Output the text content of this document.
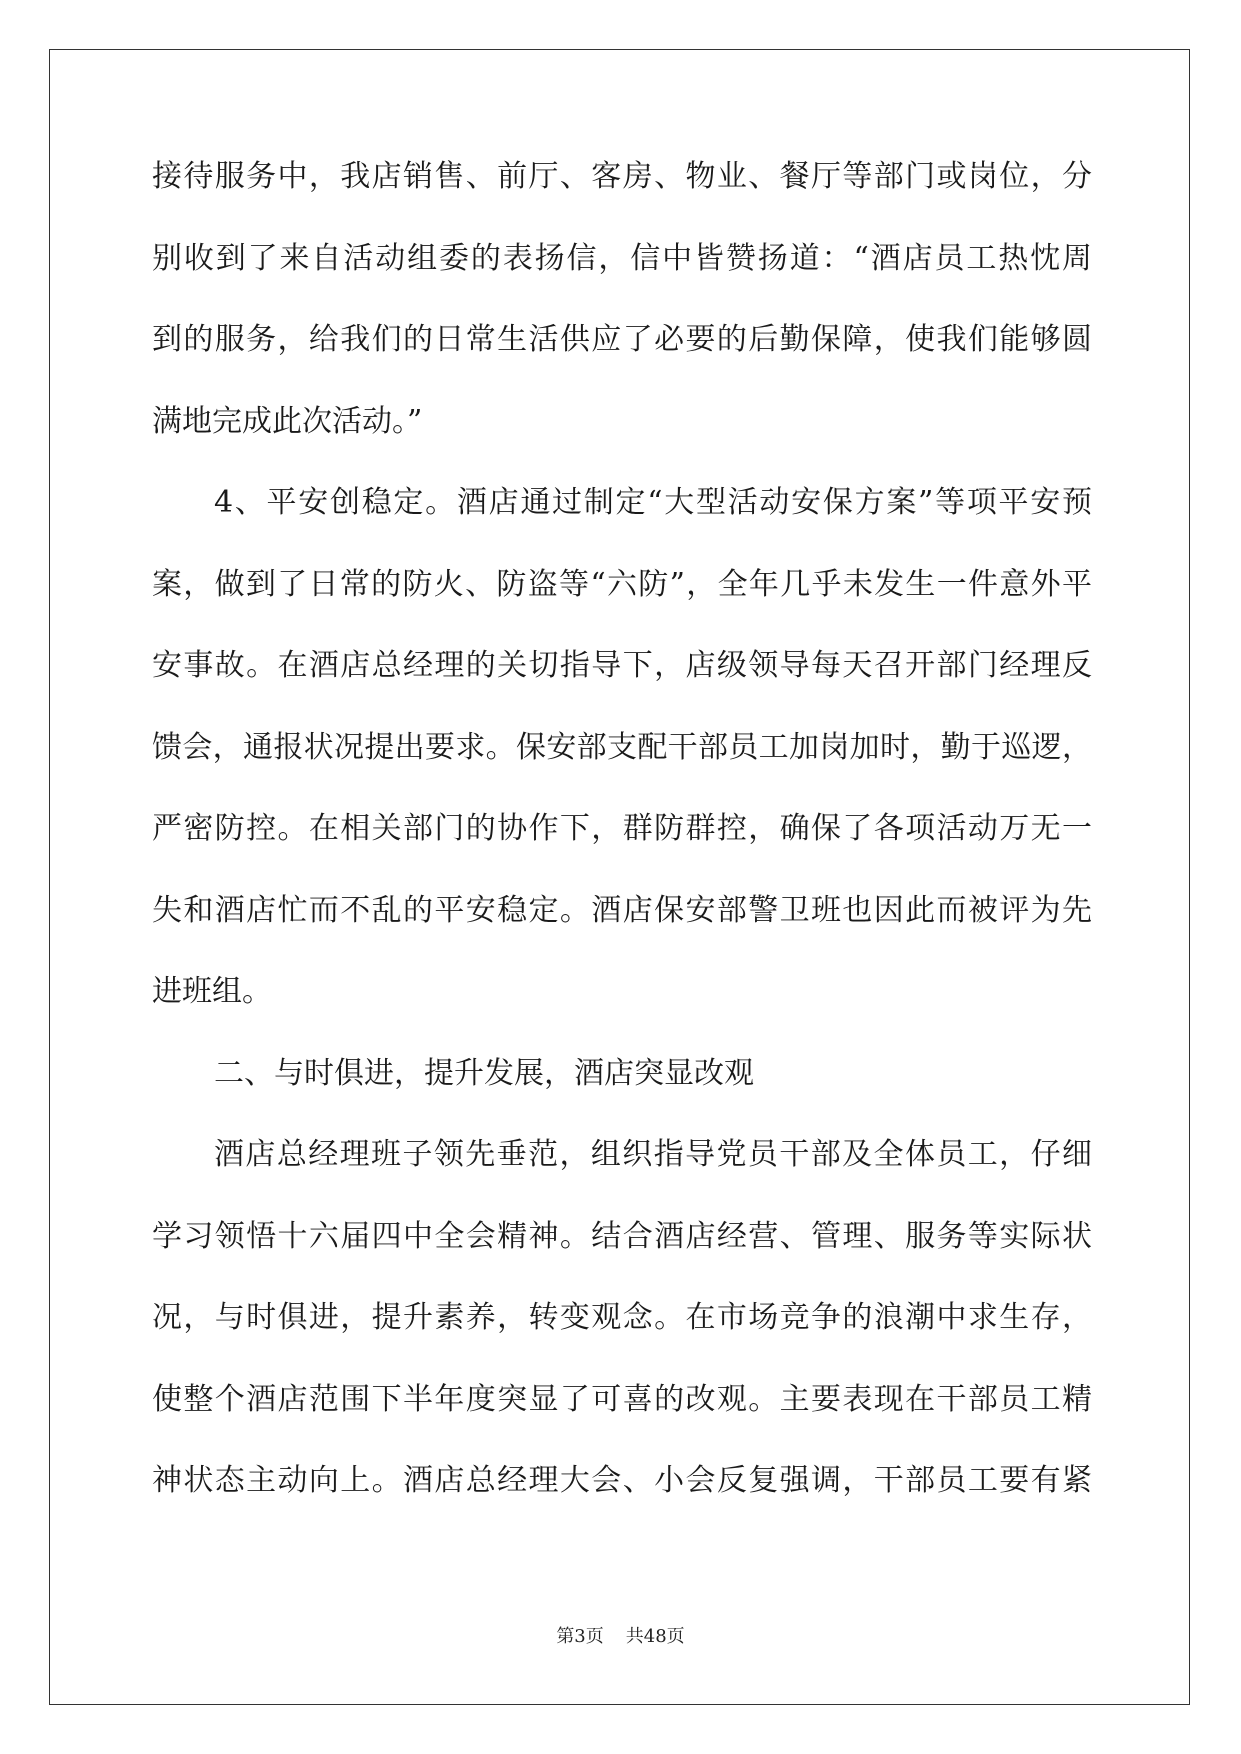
接待服务中，我店销售、前厅、客房、物业、餐厅等部门或岗位，分
别收到了来自活动组委的表扬信，信中皆赞扬道：“酒店员工热忱周
到的服务，给我们的日常生活供应了必要的后勤保障，使我们能够圆
满地完成此次活动。”
4、平安创稳定。酒店通过制定“大型活动安保方案”等项平安预
案，做到了日常的防火、防盗等“六防”，全年几乎未发生一件意外平
安事故。在酒店总经理的关切指导下，店级领导每天召开部门经理反
馈会，通报状况提出要求。保安部支配干部员工加岗加时，勤于巡逻，
严密防控。在相关部门的协作下，群防群控，确保了各项活动万无一
失和酒店忙而不乱的平安稳定。酒店保安部警卫班也因此而被评为先
进班组。
二、与时俱进，提升发展，酒店突显改观
酒店总经理班子领先垂范，组织指导党员干部及全体员工，仔细
学习领悟十六届四中全会精神。结合酒店经营、管理、服务等实际状
况，与时俱进，提升素养，转变观念。在市场竞争的浪潮中求生存，
使整个酒店范围下半年度突显了可喜的改观。主要表现在干部员工精
神状态主动向上。酒店总经理大会、小会反复强调，干部员工要有紧
第3页 共48页
